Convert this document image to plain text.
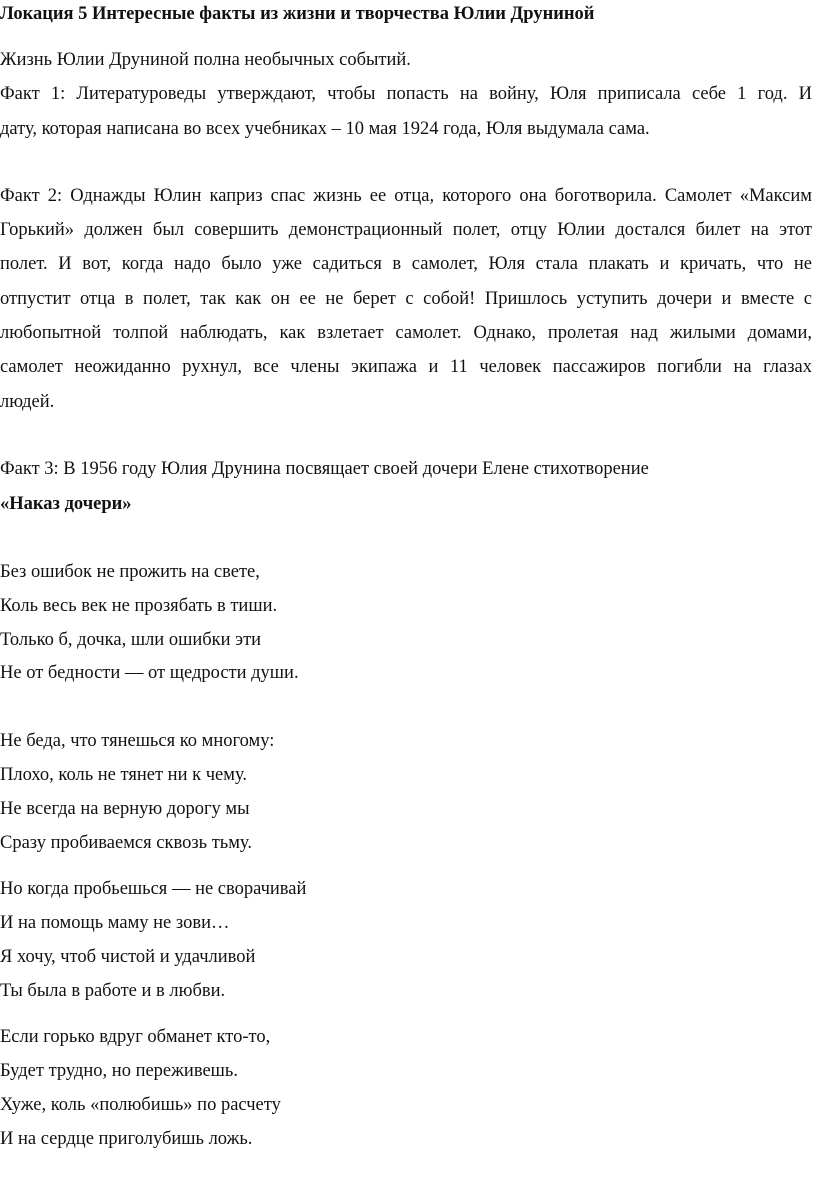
Локация 5 Интересные факты из жизни и творчества Юлии Друниной
Жизнь Юлии Друниной полна необычных событий.
Факт 1: Литературоведы утверждают, чтобы попасть на войну, Юля приписала себе 1 год. И
дату, которая написана во всех учебниках – 10 мая 1924 года, Юля выдумала сама.
Факт 2: Однажды Юлин каприз спас жизнь ее отца, которого она боготворила. Самолет «Максим
Горький» должен был совершить демонстрационный полет, отцу Юлии достался билет на этот
полет. И вот, когда надо было уже садиться в самолет, Юля стала плакать и кричать, что не
отпустит отца в полет, так как он ее не берет с собой! Пришлось уступить дочери и вместе с
любопытной толпой наблюдать, как взлетает самолет. Однако, пролетая над жилыми домами,
самолет неожиданно рухнул, все члены экипажа и 11 человек пассажиров погибли на глазах
людей.
Факт 3: В 1956 году Юлия Друнина посвящает своей дочери Елене стихотворение
«Наказ дочери»
Без ошибок не прожить на свете,
Коль весь век не прозябать в тиши.
Только б, дочка, шли ошибки эти
Не от бедности — от щедрости души.
Не беда, что тянешься ко многому:
Плохо, коль не тянет ни к чему.
Не всегда на верную дорогу мы
Сразу пробиваемся сквозь тьму.
Но когда пробьешься — не сворачивай
И на помощь маму не зови…
Я хочу, чтоб чистой и удачливой
Ты была в работе и в любви.
Если горько вдруг обманет кто-то,
Будет трудно, но переживешь.
Хуже, коль «полюбишь» по расчету
И на сердце приголубишь ложь.
